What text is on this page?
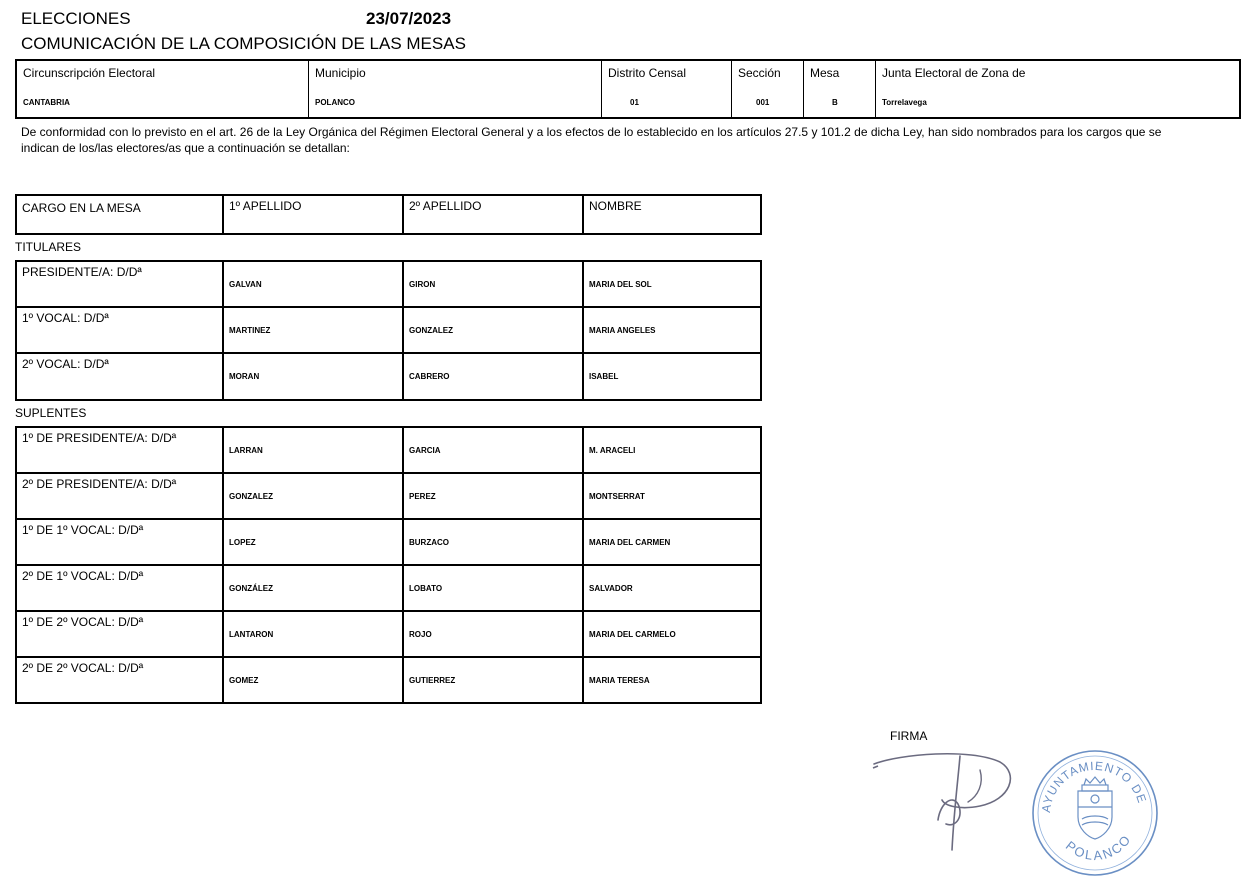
ELECCIONES	23/07/2023
COMUNICACIÓN DE LA COMPOSICIÓN DE LAS MESAS
Circunscripción Electoral
CANTABRIA
Municipio
POLANCO
Distrito Censal
01
Sección
001
Mesa
B
Junta Electoral de Zona de
Torrelavega
De conformidad con lo previsto en el art. 26 de la Ley Orgánica del Régimen Electoral General y a los efectos de lo establecido en los artículos 27.5 y 101.2 de dicha Ley, han sido nombrados para los cargos que se
indican de los/las electores/as que a continuación se detallan:
CARGO EN LA MESA	1º APELLIDO	2º APELLIDO	NOMBRE
TITULARES
PRESIDENTE/A: D/Dª
GALVAN	GIRON	MARIA DEL SOL
1º VOCAL: D/Dª
MARTINEZ	GONZALEZ	MARIA ANGELES
2º VOCAL: D/Dª
MORAN	CABRERO	ISABEL
SUPLENTES
1º DE PRESIDENTE/A: D/Dª
LARRAN	GARCIA	M. ARACELI
2º DE PRESIDENTE/A: D/Dª
GONZALEZ	PEREZ	MONTSERRAT
1º DE 1º VOCAL: D/Dª
LOPEZ	BURZACO	MARIA DEL CARMEN
2º DE 1º VOCAL: D/Dª
GONZÁLEZ	LOBATO	SALVADOR
1º DE 2º VOCAL: D/Dª
LANTARON	ROJO	MARIA DEL CARMELO
2º DE 2º VOCAL: D/Dª
GOMEZ	GUTIERREZ	MARIA TERESA
FIRMA
AYUNTAMIENTO DE
POLANCO
